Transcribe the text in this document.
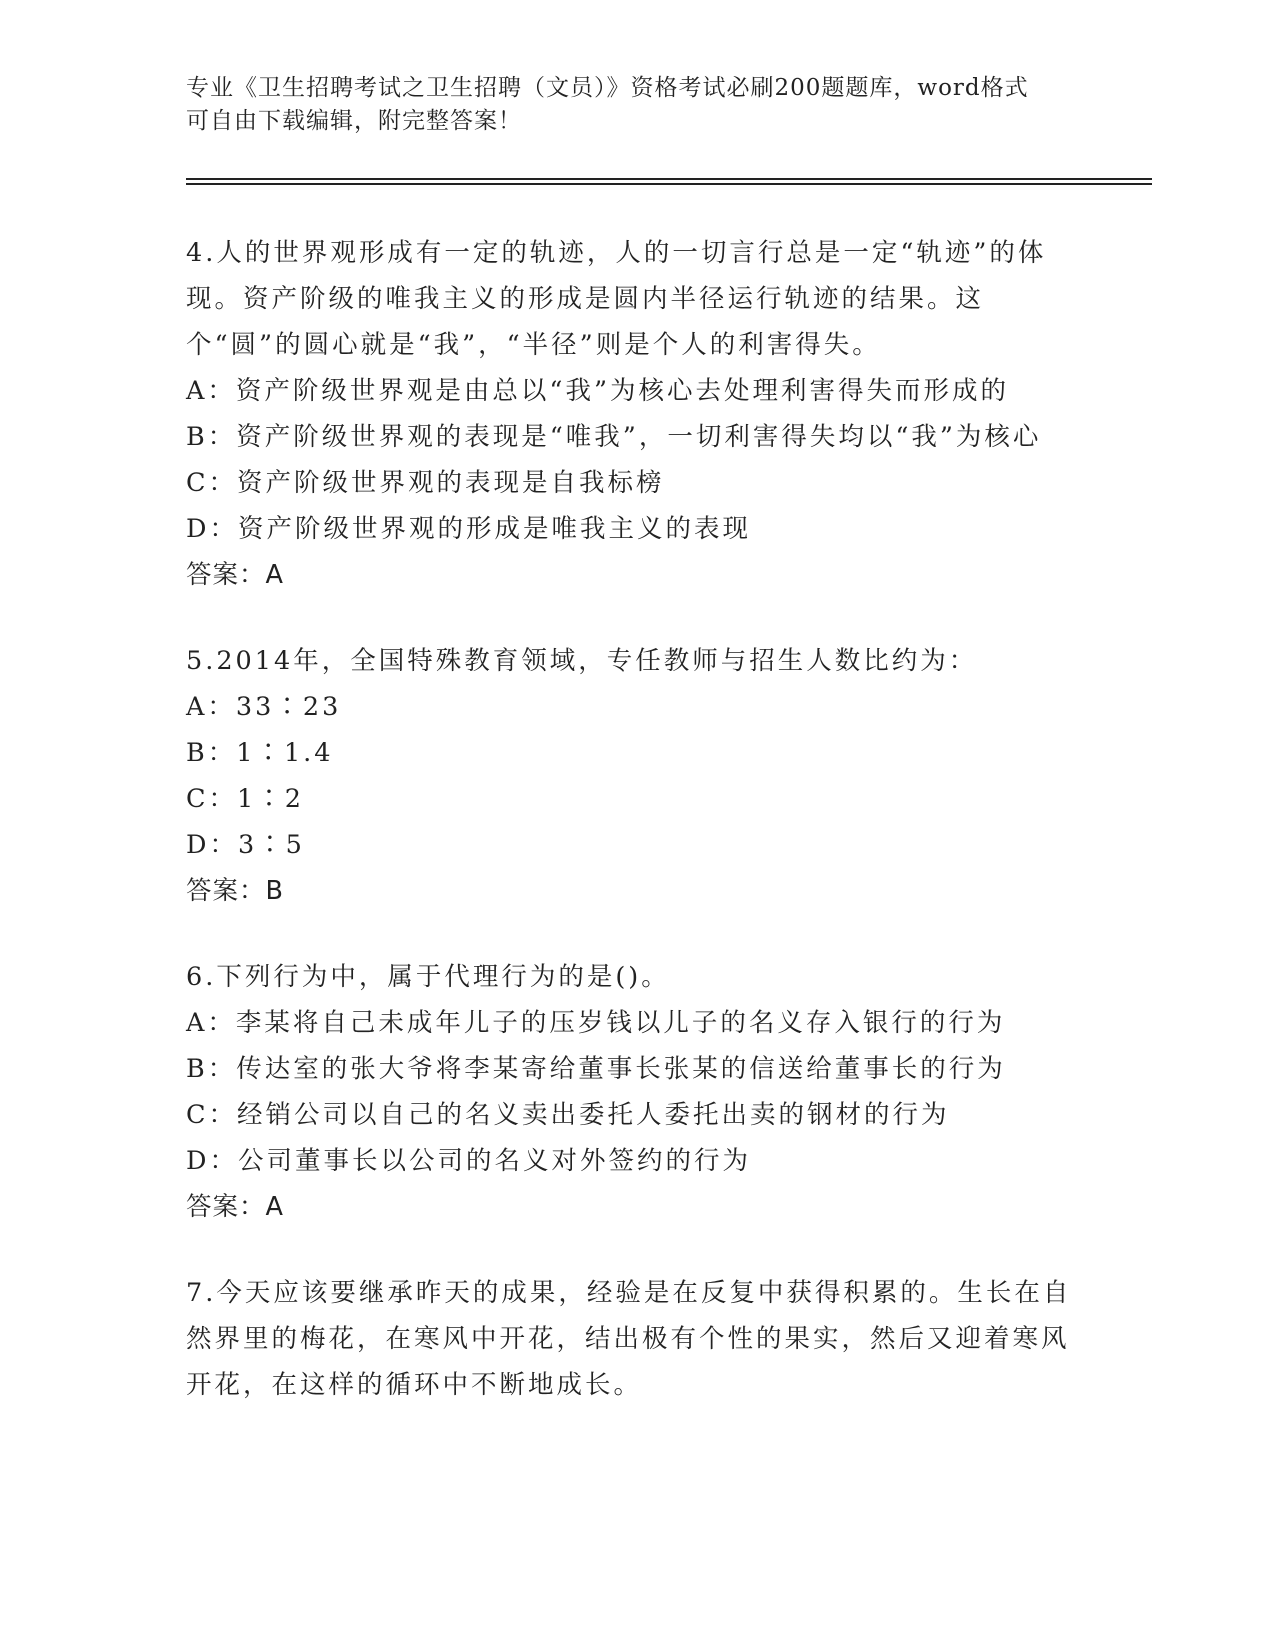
专业《卫生招聘考试之卫生招聘（文员）》资格考试必刷200题题库，word格式
可自由下载编辑，附完整答案！

4.人的世界观形成有一定的轨迹，人的一切言行总是一定“轨迹”的体现。资产阶级的唯我主义的形成是圆内半径运行轨迹的结果。这个“圆”的圆心就是“我”，“半径”则是个人的利害得失。

A：资产阶级世界观是由总以“我”为核心去处理利害得失而形成的

B：资产阶级世界观的表现是“唯我”，一切利害得失均以“我”为核心

C：资产阶级世界观的表现是自我标榜

D：资产阶级世界观的形成是唯我主义的表现

答案：A

5.2014年，全国特殊教育领域，专任教师与招生人数比约为：

A：33∶23

B：1∶1.4

C：1∶2

D：3∶5

答案：B

6.下列行为中，属于代理行为的是()。

A：李某将自己未成年儿子的压岁钱以儿子的名义存入银行的行为

B：传达室的张大爷将李某寄给董事长张某的信送给董事长的行为

C：经销公司以自己的名义卖出委托人委托出卖的钢材的行为

D：公司董事长以公司的名义对外签约的行为

答案：A

7.今天应该要继承昨天的成果，经验是在反复中获得积累的。生长在自然界里的梅花，在寒风中开花，结出极有个性的果实，然后又迎着寒风开花，在这样的循环中不断地成长。
